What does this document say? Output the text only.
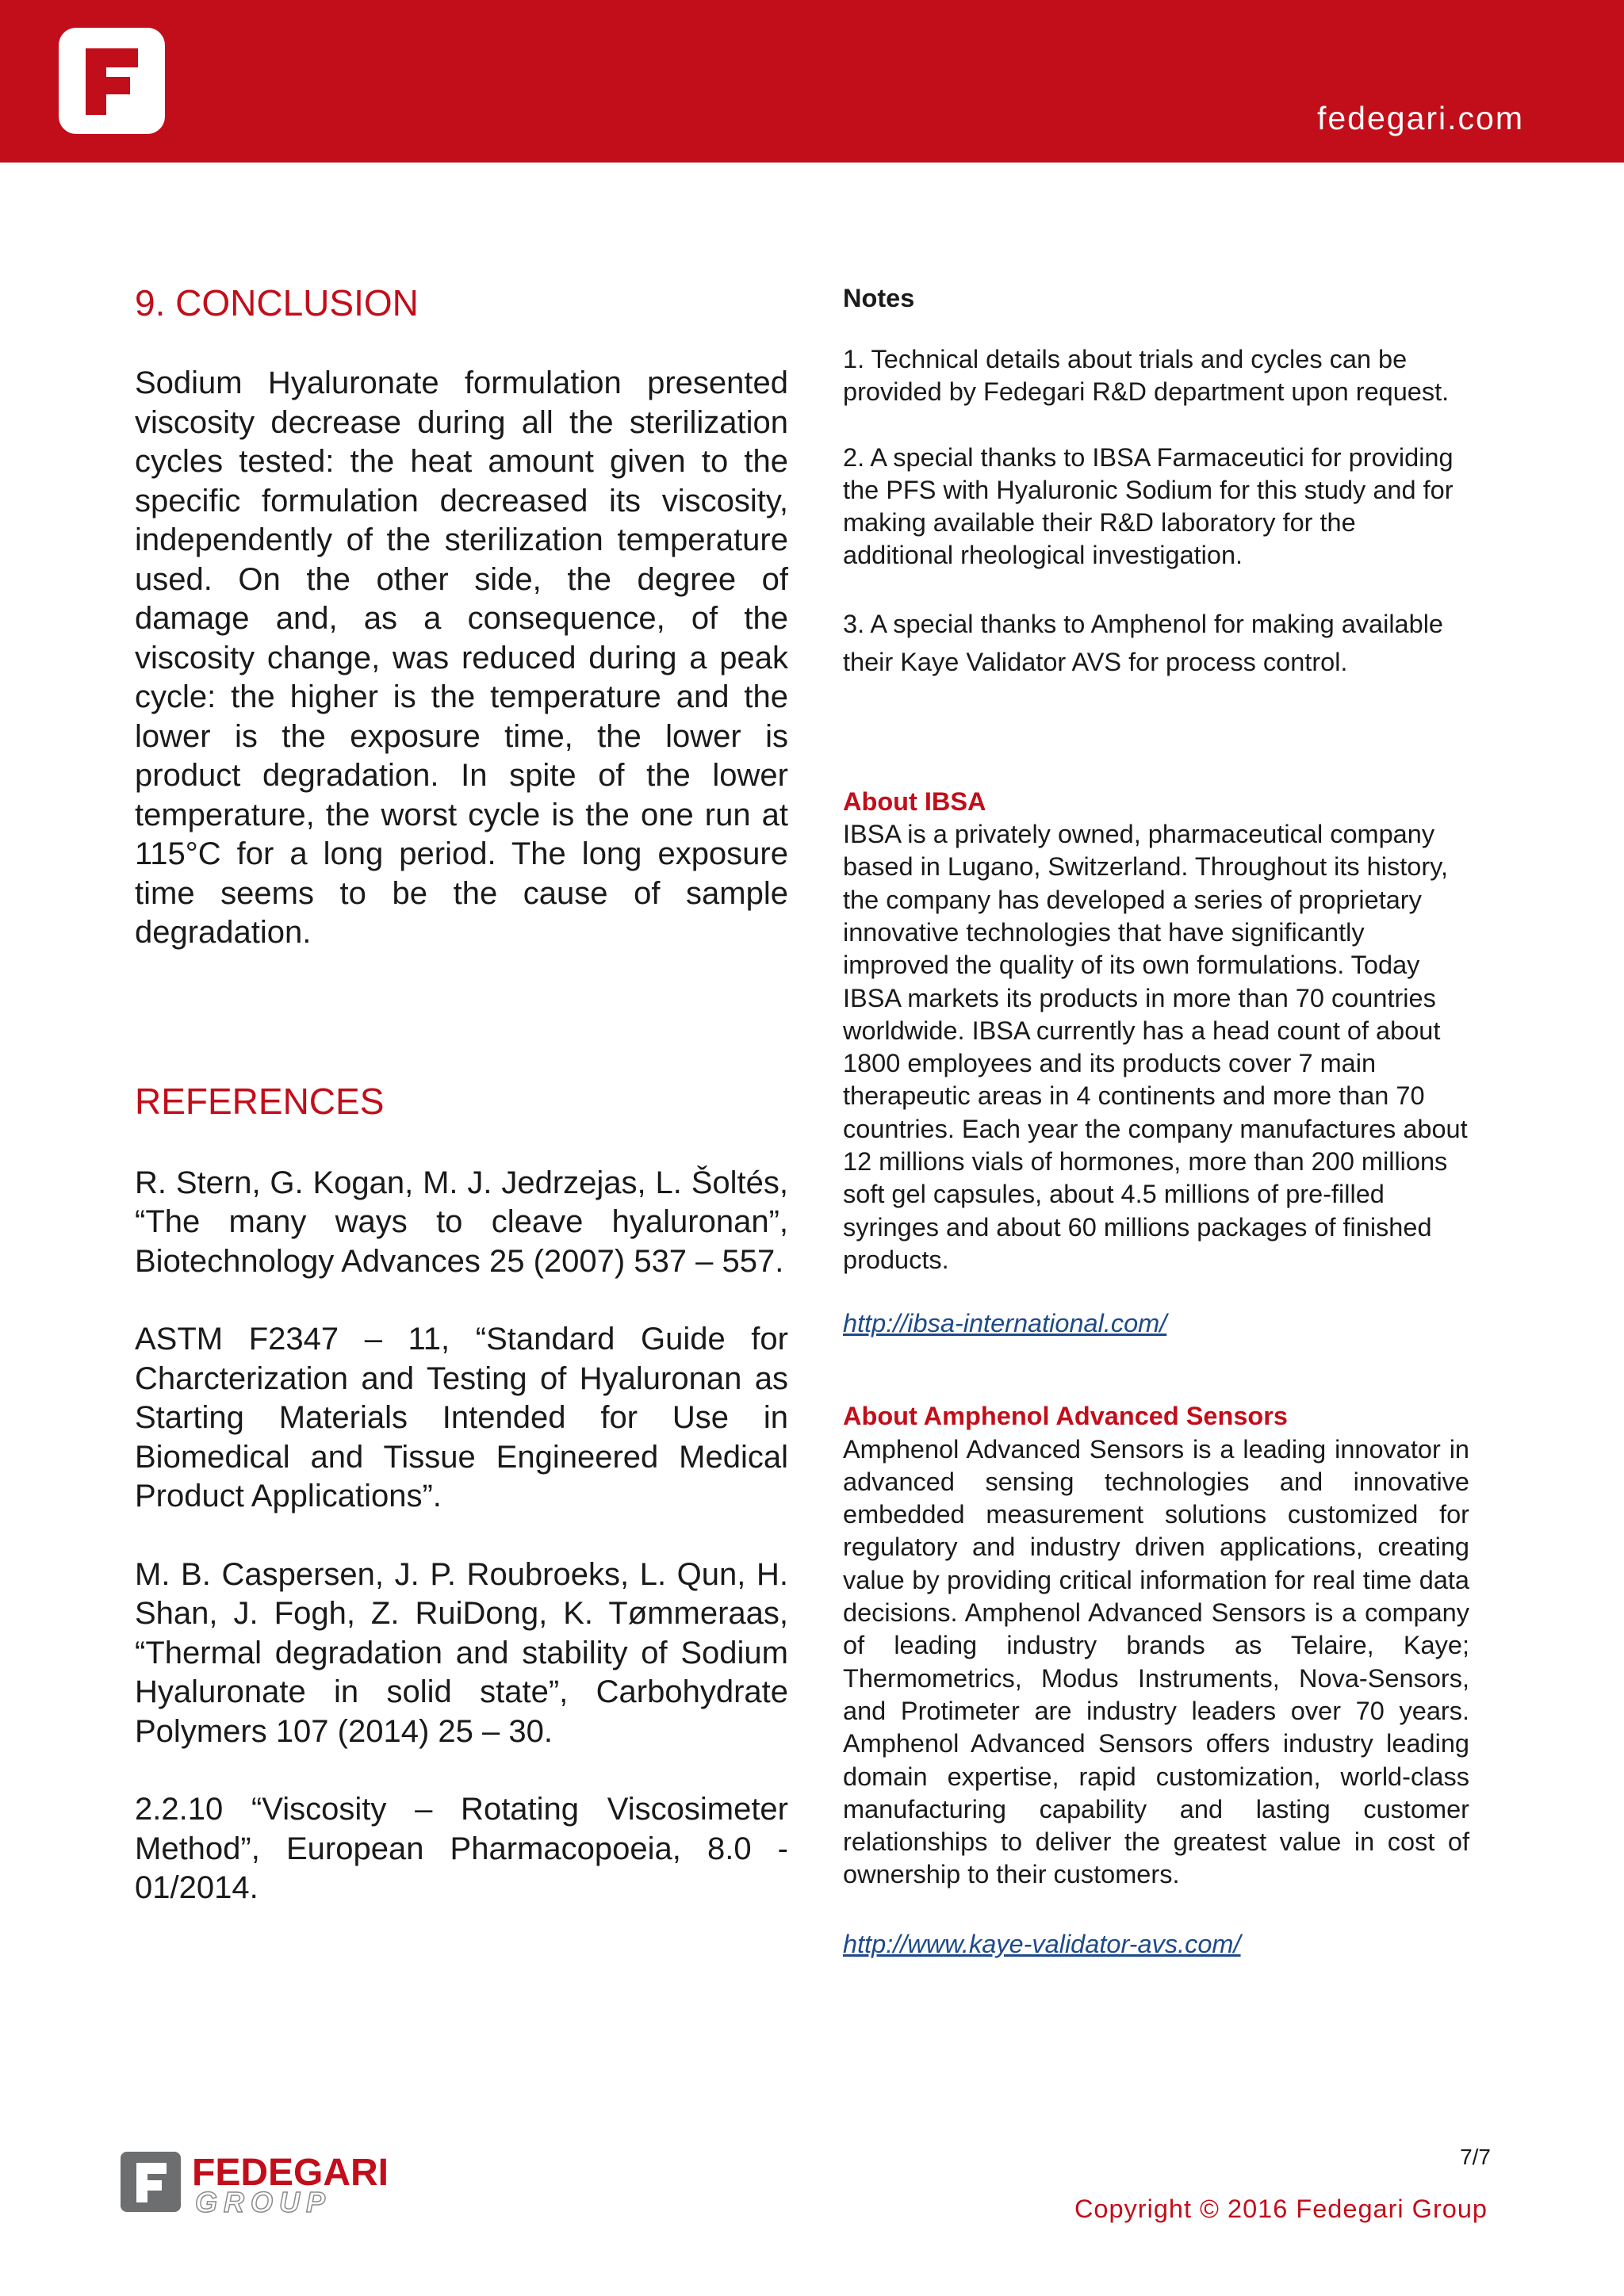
fedegari.com
9. CONCLUSION

Sodium Hyaluronate formulation presented viscosity decrease during all the sterilization cycles tested: the heat amount given to the specific formulation decreased its viscosity, independently of the sterilization temperature used. On the other side, the degree of damage and, as a consequence, of the viscosity change, was reduced during a peak cycle: the higher is the temperature and the lower is the exposure time, the lower is product degradation. In spite of the lower temperature, the worst cycle is the one run at 115°C for a long period. The long exposure time seems to be the cause of sample degradation.

REFERENCES

R. Stern, G. Kogan, M. J. Jedrzejas, L. Šoltés, “The many ways to cleave hyaluronan”, Biotechnology Advances 25 (2007) 537 – 557.

ASTM F2347 – 11, “Standard Guide for Charcterization and Testing of Hyaluronan as Starting Materials Intended for Use in Biomedical and Tissue Engineered Medical Product Applications”.

M. B. Caspersen, J. P. Roubroeks, L. Qun, H. Shan, J. Fogh, Z. RuiDong, K. Tømmeraas, “Thermal degradation and stability of Sodium Hyaluronate in solid state”, Carbohydrate Polymers 107 (2014) 25 – 30.

2.2.10 “Viscosity – Rotating Viscosimeter Method”, European Pharmacopoeia, 8.0 - 01/2014.

Notes

1. Technical details about trials and cycles can be provided by Fedegari R&D department upon request.

2. A special thanks to IBSA Farmaceutici for providing the PFS with Hyaluronic Sodium for this study and for making available their R&D laboratory for the additional rheological investigation.

3. A special thanks to Amphenol for making available their Kaye Validator AVS for process control.

About IBSA

IBSA is a privately owned, pharmaceutical company based in Lugano, Switzerland. Throughout its history, the company has developed a series of proprietary innovative technologies that have significantly improved the quality of its own formulations. Today IBSA markets its products in more than 70 countries worldwide. IBSA currently has a head count of about 1800 employees and its products cover 7 main therapeutic areas in 4 continents and more than 70 countries. Each year the company manufactures about 12 millions vials of hormones, more than 200 millions soft gel capsules, about 4.5 millions of pre-filled syringes and about 60 millions packages of finished products.

http://ibsa-international.com/

About Amphenol Advanced Sensors

Amphenol Advanced Sensors is a leading innovator in advanced sensing technologies and innovative embedded measurement solutions customized for regulatory and industry driven applications, creating value by providing critical information for real time data decisions. Amphenol Advanced Sensors is a company of leading industry brands as Telaire, Kaye; Thermometrics, Modus Instruments, Nova-Sensors, and Protimeter are industry leaders over 70 years. Amphenol Advanced Sensors offers industry leading domain expertise, rapid customization, world-class manufacturing capability and lasting customer relationships to deliver the greatest value in cost of ownership to their customers.

http://www.kaye-validator-avs.com/
FEDEGARI
GROUP
7/7
Copyright © 2016 Fedegari Group
